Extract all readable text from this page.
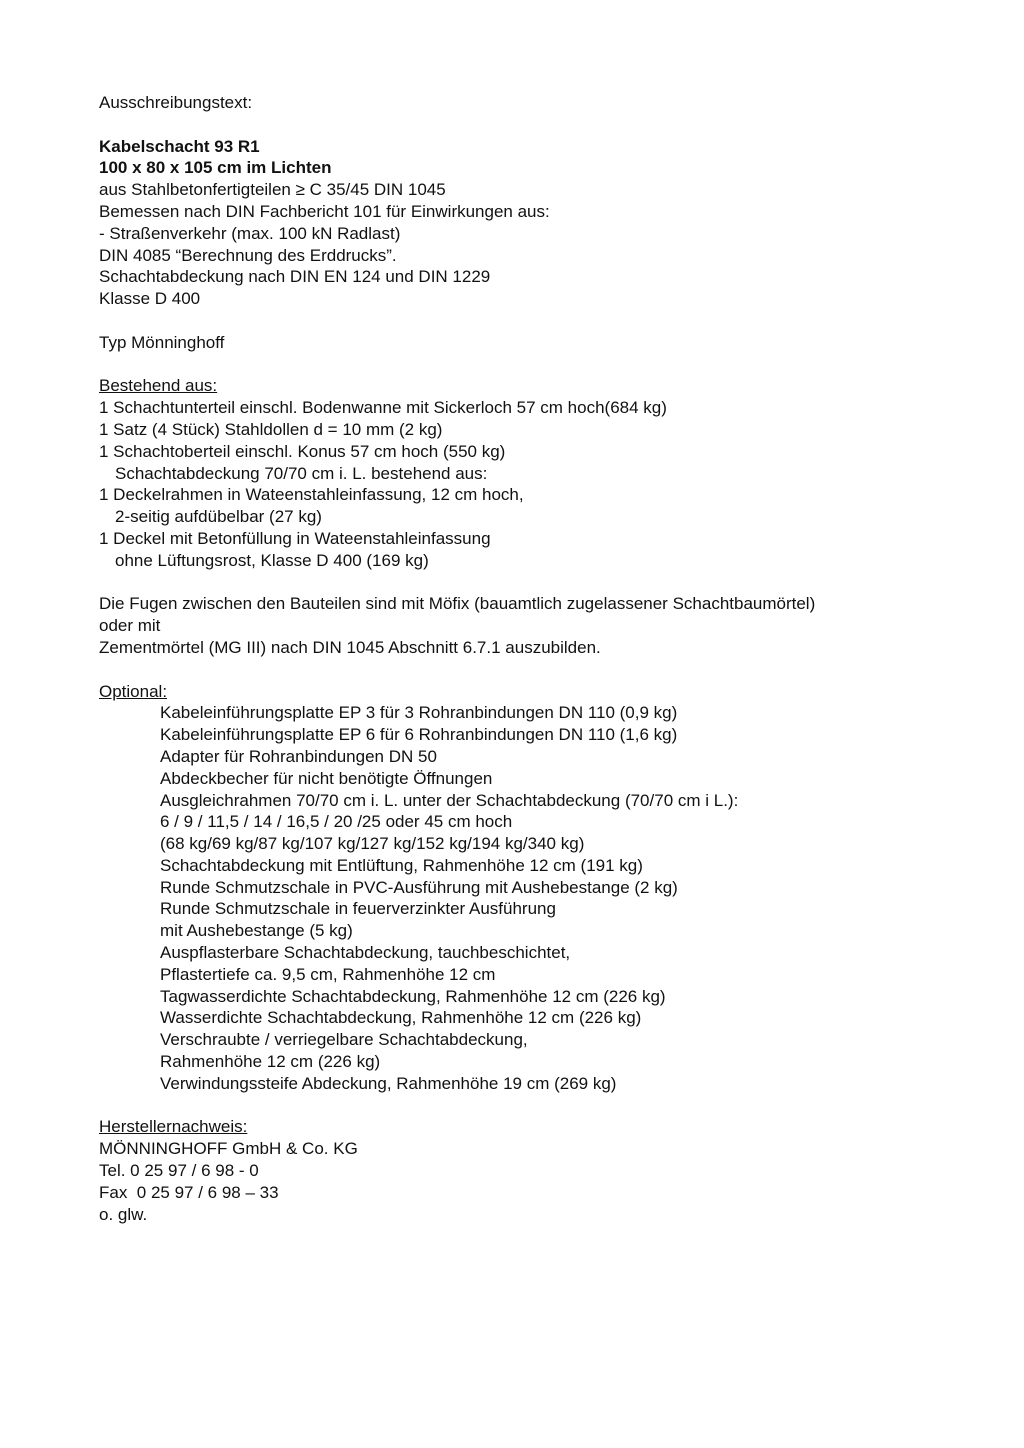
Ausschreibungstext:
Kabelschacht 93 R1
100 x 80 x 105 cm im Lichten
aus Stahlbetonfertigteilen ≥ C 35/45 DIN 1045
Bemessen nach DIN Fachbericht 101 für Einwirkungen aus:
- Straßenverkehr (max. 100 kN Radlast)
DIN 4085 “Berechnung des Erddrucks”.
Schachtabdeckung nach DIN EN 124 und DIN 1229
Klasse D 400
Typ Mönninghoff
Bestehend aus:
1 Schachtunterteil einschl. Bodenwanne mit Sickerloch 57 cm hoch(684 kg)
1 Satz (4 Stück) Stahldollen d = 10 mm (2 kg)
1 Schachtoberteil einschl. Konus 57 cm hoch (550 kg)
Schachtabdeckung 70/70 cm i. L. bestehend aus:
1 Deckelrahmen in Wateenstahleinfassung, 12 cm hoch,
2-seitig aufdübelbar (27 kg)
1 Deckel mit Betonfüllung in Wateenstahleinfassung
ohne Lüftungsrost, Klasse D 400 (169 kg)
Die Fugen zwischen den Bauteilen sind mit Möfix (bauamtlich zugelassener Schachtbaumörtel)
oder mit
Zementmörtel (MG III) nach DIN 1045 Abschnitt 6.7.1 auszubilden.
Optional:
Kabeleinführungsplatte EP 3 für 3 Rohranbindungen DN 110 (0,9 kg)
Kabeleinführungsplatte EP 6 für 6 Rohranbindungen DN 110 (1,6 kg)
Adapter für Rohranbindungen DN 50
Abdeckbecher für nicht benötigte Öffnungen
Ausgleichrahmen 70/70 cm i. L. unter der Schachtabdeckung (70/70 cm i L.):
6 / 9 / 11,5 / 14 / 16,5 / 20 /25 oder 45 cm hoch
(68 kg/69 kg/87 kg/107 kg/127 kg/152 kg/194 kg/340 kg)
Schachtabdeckung mit Entlüftung, Rahmenhöhe 12 cm (191 kg)
Runde Schmutzschale in PVC-Ausführung mit Aushebestange (2 kg)
Runde Schmutzschale in feuerverzinkter Ausführung
mit Aushebestange (5 kg)
Auspflasterbare Schachtabdeckung, tauchbeschichtet,
Pflastertiefe ca. 9,5 cm, Rahmenhöhe 12 cm
Tagwasserdichte Schachtabdeckung, Rahmenhöhe 12 cm (226 kg)
Wasserdichte Schachtabdeckung, Rahmenhöhe 12 cm (226 kg)
Verschraubte / verriegelbare Schachtabdeckung,
Rahmenhöhe 12 cm (226 kg)
Verwindungssteife Abdeckung, Rahmenhöhe 19 cm (269 kg)
Herstellernachweis:
MÖNNINGHOFF GmbH & Co. KG
Tel. 0 25 97 / 6 98 - 0
Fax  0 25 97 / 6 98 – 33
o. glw.
